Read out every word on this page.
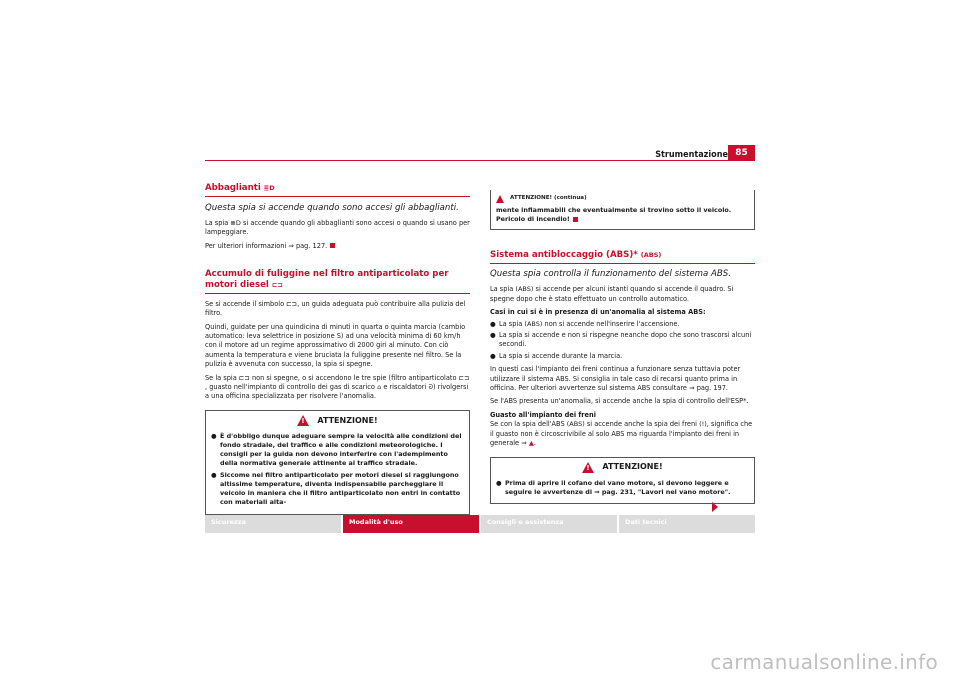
Strumentazione 85
Abbaglianti ≣D
Questa spia si accende quando sono accesi gli abbaglianti.

La spia ≣D si accende quando gli abbaglianti sono accesi o quando si usano per lampeggiare.

Per ulteriori informazioni ⇒ pag. 127.

Accumulo di fuliggine nel filtro antiparticolato per motori diesel ⊏⊐

Se si accende il simbolo ⊏⊐, un guida adeguata può contribuire alla pulizia del filtro.

Quindi, guidate per una quindicina di minuti in quarta o quinta marcia (cambio automatico: leva selettrice in posizione S) ad una velocità minima di 60 km/h con il motore ad un regime approssimativo di 2000 giri al minuto. Con ciò aumenta la temperatura e viene bruciata la fuliggine presente nel filtro. Se la pulizia è avvenuta con successo, la spia si spegne.

Se la spia ⊏⊐ non si spegne, o si accendono le tre spie (filtro antiparticolato ⊏⊐, guasto nell'impianto di controllo dei gas di scarico ⌂ e riscaldatori ᘐ) rivolgersi a una officina specializzata per risolvere l'anomalia.

!
ATTENZIONE!
● È d'obbligo dunque adeguare sempre la velocità alle condizioni del fondo stradale, del traffico e alle condizioni meteorologiche. I consigli per la guida non devono interferire con l'adempimento della normativa generale attinente al traffico stradale.
● Siccome nel filtro antiparticolato per motori diesel si raggiungono altissime temperature, diventa indispensabile parcheggiare il veicolo in maniera che il filtro antiparticolato non entri in contatto con materiali alta-
ATTENZIONE! (continua)
mente infiammabili che eventualmente si trovino sotto il veicolo. Pericolo di incendio!
Sistema antibloccaggio (ABS)* (ABS)
Questa spia controlla il funzionamento del sistema ABS.

La spia (ABS) si accende per alcuni istanti quando si accende il quadro. Si spegne dopo che è stato effettuato un controllo automatico.

Casi in cui si è in presenza di un'anomalia al sistema ABS:

● La spia (ABS) non si accende nell'inserire l'accensione.
● La spia si accende e non si rispegne neanche dopo che sono trascorsi alcuni secondi.
● La spia si accende durante la marcia.

In questi casi l'impianto dei freni continua a funzionare senza tuttavia poter utilizzare il sistema ABS. Si consiglia in tale caso di recarsi quanto prima in officina. Per ulteriori avvertenze sul sistema ABS consultare ⇒ pag. 197.

Se l'ABS presenta un'anomalia, si accende anche la spia di controllo dell'ESP*.

Guasto all'impianto dei freni

Se con la spia dell'ABS (ABS) si accende anche la spia dei freni (!), significa che il guasto non è circoscrivibile al solo ABS ma riguarda l'impianto dei freni in generale ⇒ ▲.

!
ATTENZIONE!
● Prima di aprire il cofano del vano motore, si devono leggere e seguire le avvertenze di ⇒ pag. 231, "Lavori nel vano motore".
Sicurezza	Modalità d'uso	Consigli e assistenza	Dati tecnici
carmanualsonline.info
